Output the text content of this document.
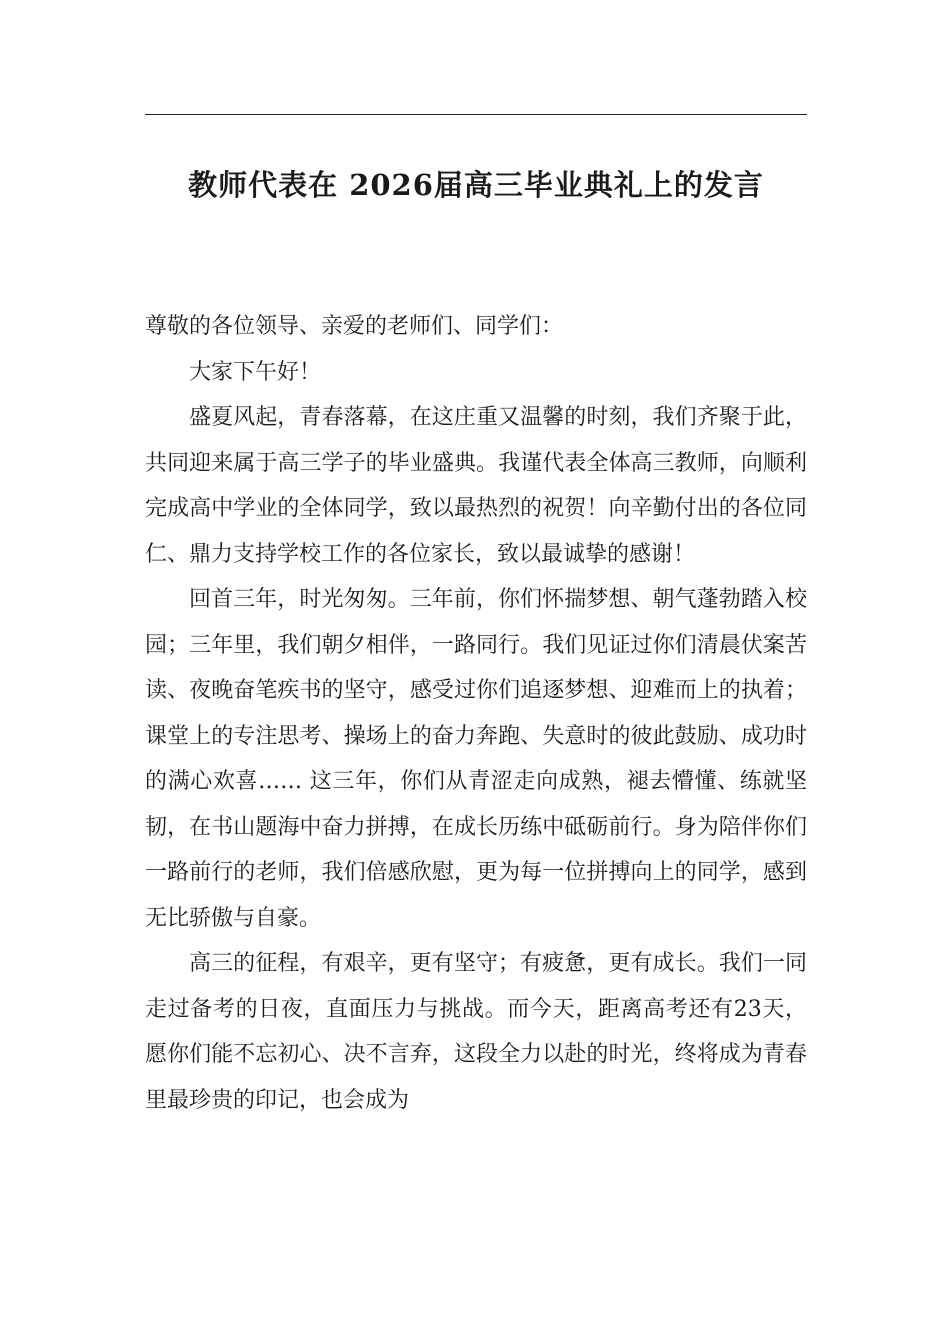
教师代表在 2026届高三毕业典礼上的发言

尊敬的各位领导、亲爱的老师们、同学们：

大家下午好！

盛夏风起，青春落幕，在这庄重又温馨的时刻，我们齐聚于此，共同迎来属于高三学子的毕业盛典。我谨代表全体高三教师，向顺利完成高中学业的全体同学，致以最热烈的祝贺！向辛勤付出的各位同仁、鼎力支持学校工作的各位家长，致以最诚挚的感谢！

回首三年，时光匆匆。三年前，你们怀揣梦想、朝气蓬勃踏入校园；三年里，我们朝夕相伴，一路同行。我们见证过你们清晨伏案苦读、夜晚奋笔疾书的坚守，感受过你们追逐梦想、迎难而上的执着；课堂上的专注思考、操场上的奋力奔跑、失意时的彼此鼓励、成功时的满心欢喜…… 这三年，你们从青涩走向成熟，褪去懵懂、练就坚韧，在书山题海中奋力拼搏，在成长历练中砥砺前行。身为陪伴你们一路前行的老师，我们倍感欣慰，更为每一位拼搏向上的同学，感到无比骄傲与自豪。

高三的征程，有艰辛，更有坚守；有疲惫，更有成长。我们一同走过备考的日夜，直面压力与挑战。而今天，距离高考还有23天，愿你们能不忘初心、决不言弃，这段全力以赴的时光，终将成为青春里最珍贵的印记，也会成为
